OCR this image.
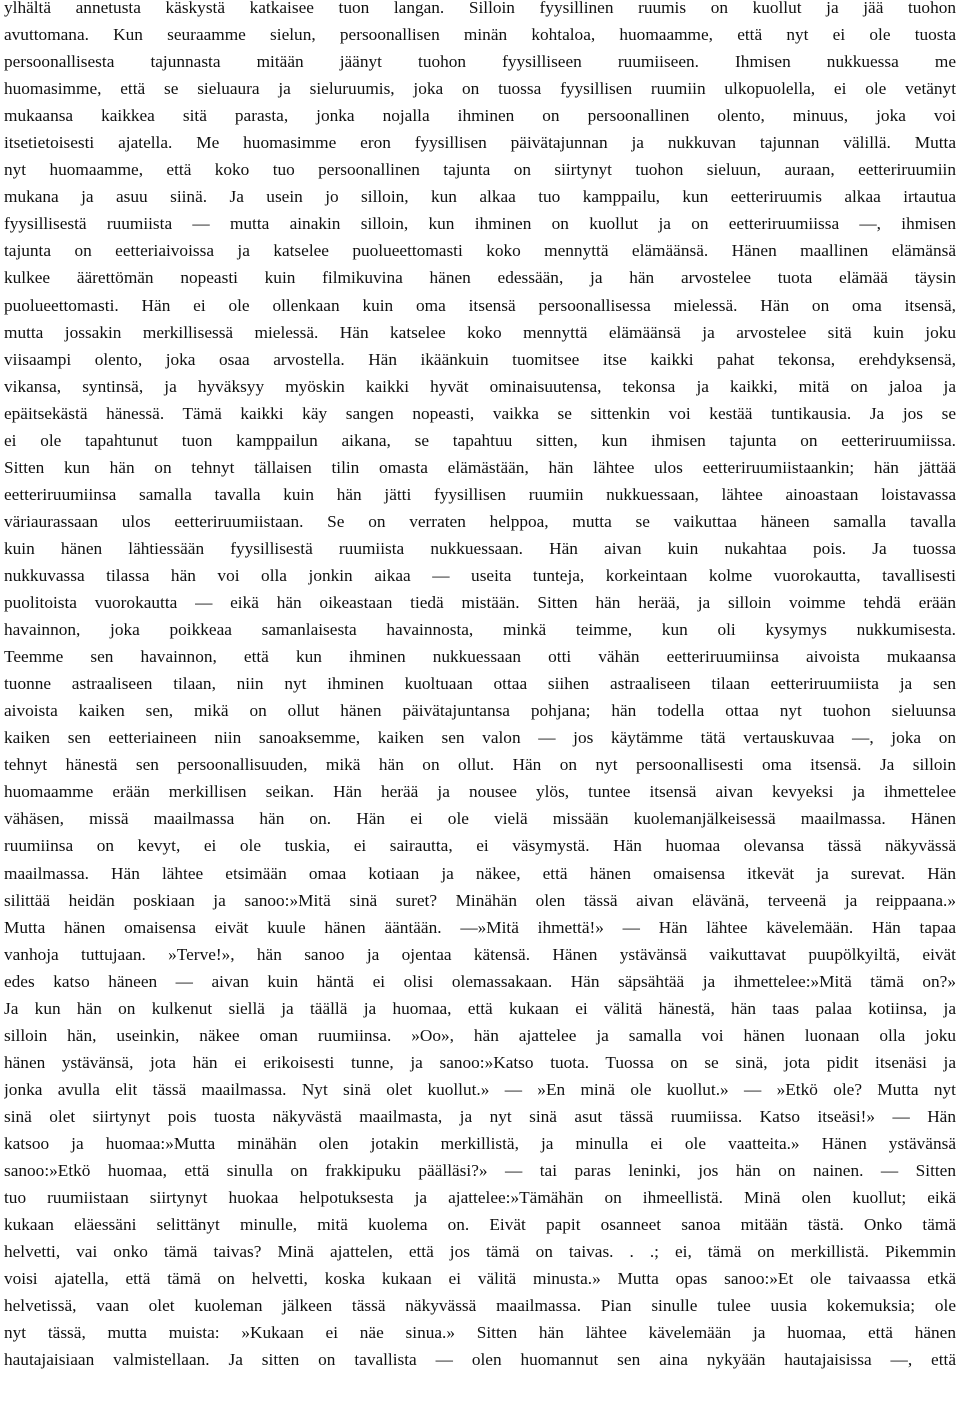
ylhältä annetusta käskystä katkaisee tuon langan. Silloin fyysillinen ruumis on kuollut ja jää tuohon
avuttomana. Kun seuraamme sielun, persoonallisen minän kohtaloa, huomaamme, että nyt ei ole tuosta
persoonallisesta tajunnasta mitään jäänyt tuohon fyysilliseen ruumiiseen. Ihmisen nukkuessa me
huomasimme, että se sieluaura ja sieluruumis, joka on tuossa fyysillisen ruumiin ulkopuolella, ei ole vetänyt
mukaansa kaikkea sitä parasta, jonka nojalla ihminen on persoonallinen olento, minuus, joka voi
itsetietoisesti ajatella. Me huomasimme eron fyysillisen päivätajunnan ja nukkuvan tajunnan välillä. Mutta
nyt huomaamme, että koko tuo persoonallinen tajunta on siirtynyt tuohon sieluun, auraan, eetteriruumiin
mukana ja asuu siinä. Ja usein jo silloin, kun alkaa tuo kamppailu, kun eetteriruumis alkaa irtautua
fyysillisestä ruumiista — mutta ainakin silloin, kun ihminen on kuollut ja on eetteriruumiissa —, ihmisen
tajunta on eetteriaivoissa ja katselee puolueettomasti koko mennyttä elämäänsä. Hänen maallinen elämänsä
kulkee äärettömän nopeasti kuin filmikuvina hänen edessään, ja hän arvostelee tuota elämää täysin
puolueettomasti. Hän ei ole ollenkaan kuin oma itsensä persoonallisessa mielessä. Hän on oma itsensä,
mutta jossakin merkillisessä mielessä. Hän katselee koko mennyttä elämäänsä ja arvostelee sitä kuin joku
viisaampi olento, joka osaa arvostella. Hän ikäänkuin tuomitsee itse kaikki pahat tekonsa, erehdyksensä,
vikansa, syntinsä, ja hyväksyy myöskin kaikki hyvät ominaisuutensa, tekonsa ja kaikki, mitä on jaloa ja
epäitsekästä hänessä. Tämä kaikki käy sangen nopeasti, vaikka se sittenkin voi kestää tuntikausia. Ja jos se
ei ole tapahtunut tuon kamppailun aikana, se tapahtuu sitten, kun ihmisen tajunta on eetteriruumiissa.
Sitten kun hän on tehnyt tällaisen tilin omasta elämästään, hän lähtee ulos eetteriruumiistaankin; hän jättää
eetteriruumiinsa samalla tavalla kuin hän jätti fyysillisen ruumiin nukkuessaan, lähtee ainoastaan loistavassa
väriaurassaan ulos eetteriruumiistaan. Se on verraten helppoa, mutta se vaikuttaa häneen samalla tavalla
kuin hänen lähtiessään fyysillisestä ruumiista nukkuessaan. Hän aivan kuin nukahtaa pois. Ja tuossa
nukkuvassa tilassa hän voi olla jonkin aikaa — useita tunteja, korkeintaan kolme vuorokautta, tavallisesti
puolitoista vuorokautta — eikä hän oikeastaan tiedä mistään. Sitten hän herää, ja silloin voimme tehdä erään
havainnon, joka poikkeaa samanlaisesta havainnosta, minkä teimme, kun oli kysymys nukkumisesta.
Teemme sen havainnon, että kun ihminen nukkuessaan otti vähän eetteriruumiinsa aivoista mukaansa
tuonne astraaliseen tilaan, niin nyt ihminen kuoltuaan ottaa siihen astraaliseen tilaan eetteriruumiista ja sen
aivoista kaiken sen, mikä on ollut hänen päivätajuntansa pohjana; hän todella ottaa nyt tuohon sieluunsa
kaiken sen eetteriaineen niin sanoaksemme, kaiken sen valon — jos käytämme tätä vertauskuvaa —, joka on
tehnyt hänestä sen persoonallisuuden, mikä hän on ollut. Hän on nyt persoonallisesti oma itsensä. Ja silloin
huomaamme erään merkillisen seikan. Hän herää ja nousee ylös, tuntee itsensä aivan kevyeksi ja ihmettelee
vähäsen, missä maailmassa hän on. Hän ei ole vielä missään kuolemanjälkeisessä maailmassa. Hänen
ruumiinsa on kevyt, ei ole tuskia, ei sairautta, ei väsymystä. Hän huomaa olevansa tässä näkyvässä
maailmassa. Hän lähtee etsimään omaa kotiaan ja näkee, että hänen omaisensa itkevät ja surevat. Hän
silittää heidän poskiaan ja sanoo:»Mitä sinä suret? Minähän olen tässä aivan elävänä, terveenä ja reippaana.»
Mutta hänen omaisensa eivät kuule hänen ääntään. —»Mitä ihmettä!» — Hän lähtee kävelemään. Hän tapaa
vanhoja tuttujaan. »Terve!», hän sanoo ja ojentaa kätensä. Hänen ystävänsä vaikuttavat puupölkyiltä, eivät
edes katso häneen — aivan kuin häntä ei olisi olemassakaan. Hän säpsähtää ja ihmettelee:»Mitä tämä on?»
Ja kun hän on kulkenut siellä ja täällä ja huomaa, että kukaan ei välitä hänestä, hän taas palaa kotiinsa, ja
silloin hän, useinkin, näkee oman ruumiinsa. »Oo», hän ajattelee ja samalla voi hänen luonaan olla joku
hänen ystävänsä, jota hän ei erikoisesti tunne, ja sanoo:»Katso tuota. Tuossa on se sinä, jota pidit itsenäsi ja
jonka avulla elit tässä maailmassa. Nyt sinä olet kuollut.» — »En minä ole kuollut.» — »Etkö ole? Mutta nyt
sinä olet siirtynyt pois tuosta näkyvästä maailmasta, ja nyt sinä asut tässä ruumiissa. Katso itseäsi!» — Hän
katsoo ja huomaa:»Mutta minähän olen jotakin merkillistä, ja minulla ei ole vaatteita.» Hänen ystävänsä
sanoo:»Etkö huomaa, että sinulla on frakkipuku päälläsi?» — tai paras leninki, jos hän on nainen. — Sitten
tuo ruumiistaan siirtynyt huokaa helpotuksesta ja ajattelee:»Tämähän on ihmeellistä. Minä olen kuollut; eikä
kukaan eläessäni selittänyt minulle, mitä kuolema on. Eivät papit osanneet sanoa mitään tästä. Onko tämä
helvetti, vai onko tämä taivas? Minä ajattelen, että jos tämä on taivas. . .; ei, tämä on merkillistä. Pikemmin
voisi ajatella, että tämä on helvetti, koska kukaan ei välitä minusta.» Mutta opas sanoo:»Et ole taivaassa etkä
helvetissä, vaan olet kuoleman jälkeen tässä näkyvässä maailmassa. Pian sinulle tulee uusia kokemuksia; ole
nyt tässä, mutta muista: »Kukaan ei näe sinua.» Sitten hän lähtee kävelemään ja huomaa, että hänen
hautajaisiaan valmistellaan. Ja sitten on tavallista — olen huomannut sen aina nykyään hautajaisissa —, että
